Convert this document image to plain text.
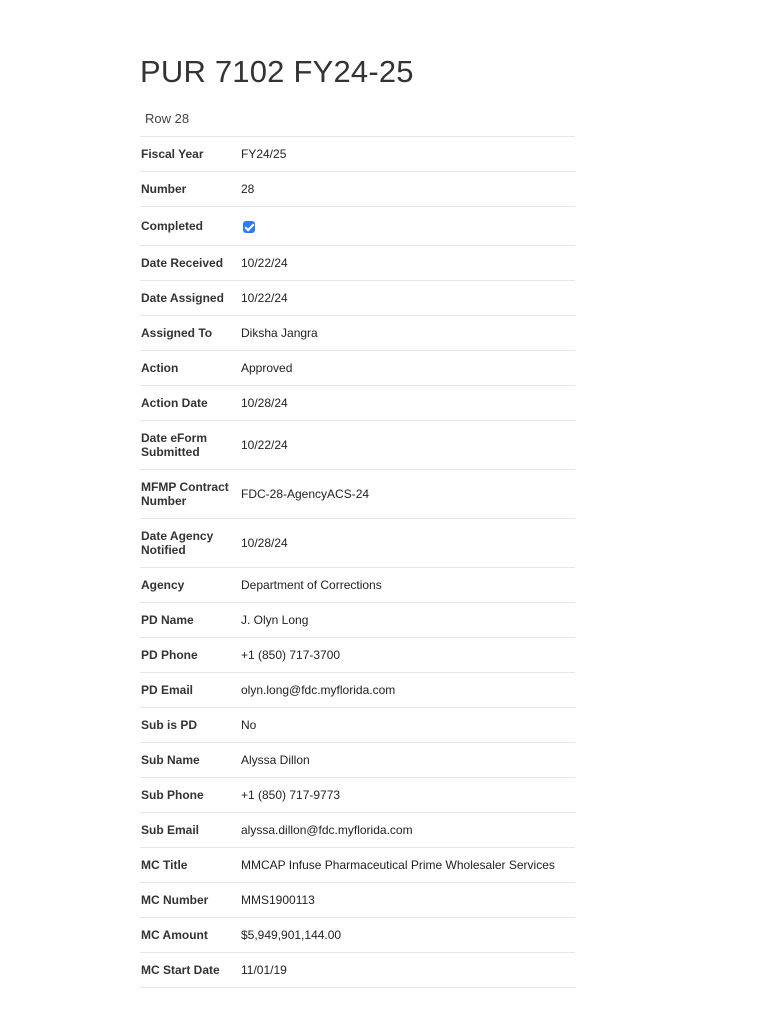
PUR 7102 FY24-25
Row 28
Fiscal Year	FY24/25
Number	28
Completed
Date Received	10/22/24
Date Assigned	10/22/24
Assigned To	Diksha Jangra
Action	Approved
Action Date	10/28/24
Date eForm Submitted	10/22/24
MFMP Contract Number	FDC-28-AgencyACS-24
Date Agency Notified	10/28/24
Agency	Department of Corrections
PD Name	J. Olyn Long
PD Phone	+1 (850) 717-3700
PD Email	olyn.long@fdc.myflorida.com
Sub is PD	No
Sub Name	Alyssa Dillon
Sub Phone	+1 (850) 717-9773
Sub Email	alyssa.dillon@fdc.myflorida.com
MC Title	MMCAP Infuse Pharmaceutical Prime Wholesaler Services
MC Number	MMS1900113
MC Amount	$5,949,901,144.00
MC Start Date	11/01/19
